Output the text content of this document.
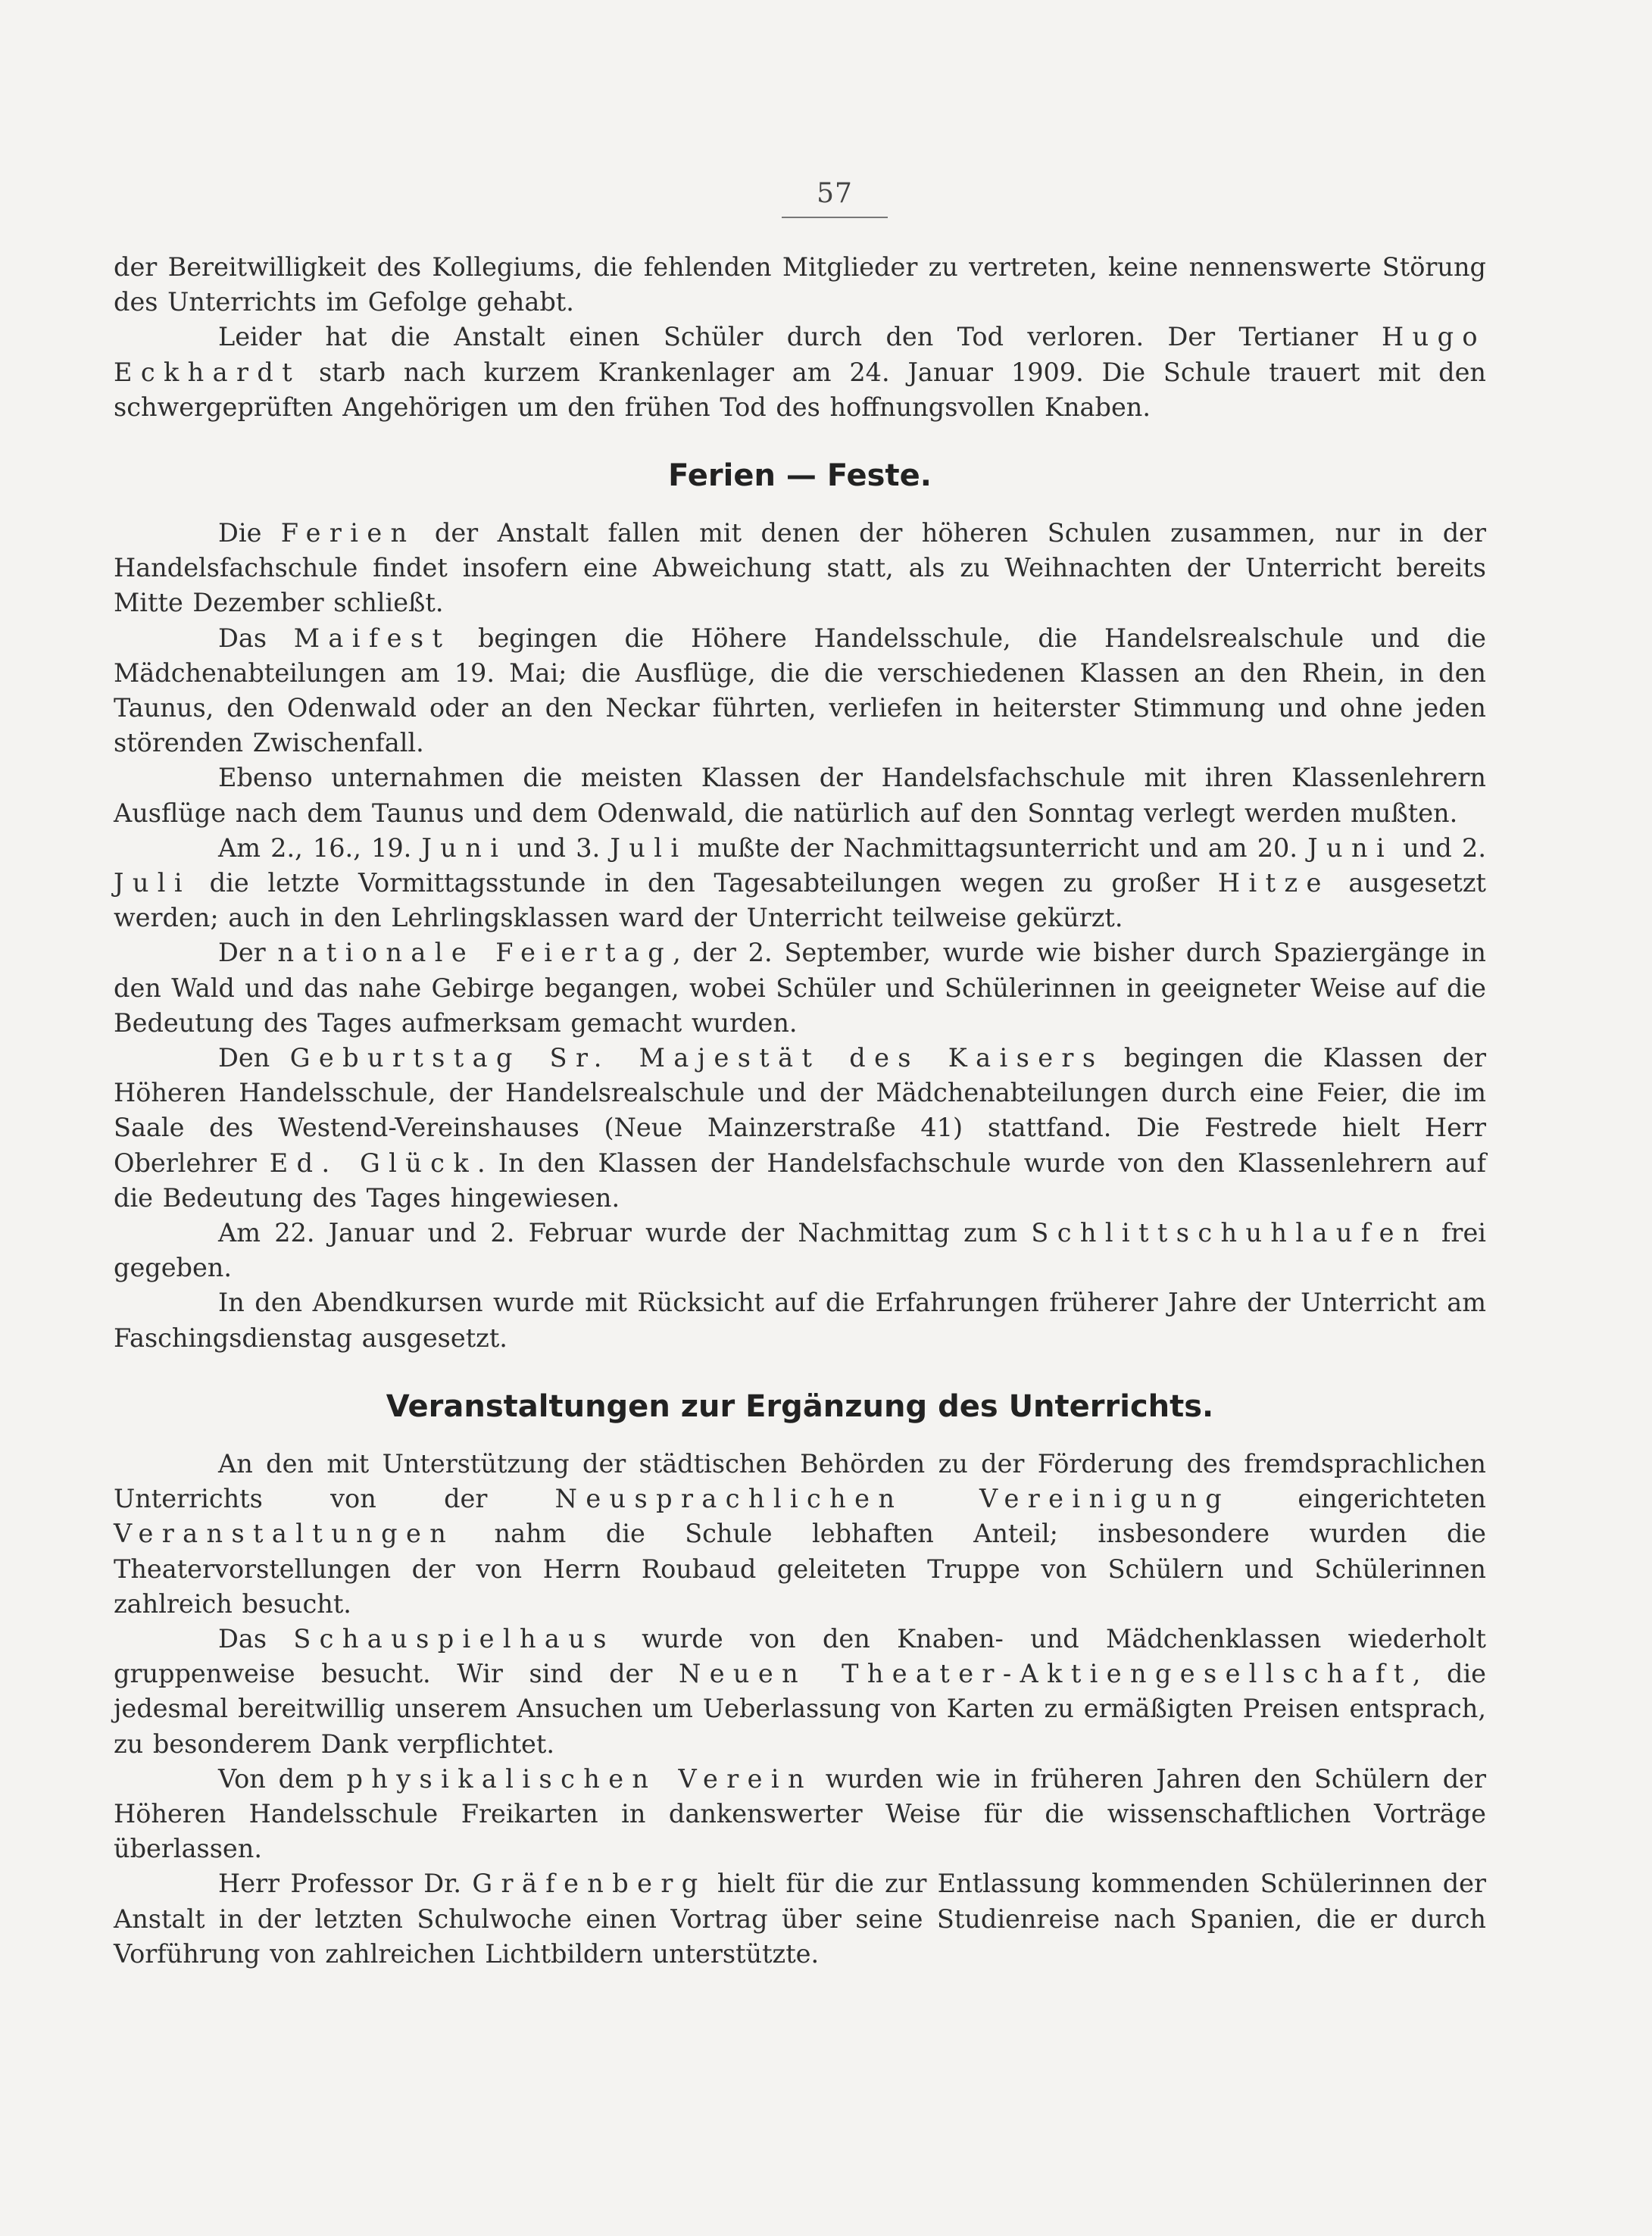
57

der Bereitwilligkeit des Kollegiums, die fehlenden Mitglieder zu vertreten, keine nennenswerte Störung des Unterrichts im Gefolge gehabt.

Leider hat die Anstalt einen Schüler durch den Tod verloren. Der Tertianer Hugo Eckhardt starb nach kurzem Krankenlager am 24. Januar 1909. Die Schule trauert mit den schwergeprüften Angehörigen um den frühen Tod des hoffnungsvollen Knaben.

Ferien — Feste.

Die Ferien der Anstalt fallen mit denen der höheren Schulen zusammen, nur in der Handelsfachschule findet insofern eine Abweichung statt, als zu Weihnachten der Unterricht bereits Mitte Dezember schließt.

Das Maifest begingen die Höhere Handelsschule, die Handelsrealschule und die Mädchenabteilungen am 19. Mai; die Ausflüge, die die verschiedenen Klassen an den Rhein, in den Taunus, den Odenwald oder an den Neckar führten, verliefen in heiterster Stimmung und ohne jeden störenden Zwischenfall.

Ebenso unternahmen die meisten Klassen der Handelsfachschule mit ihren Klassenlehrern Ausflüge nach dem Taunus und dem Odenwald, die natürlich auf den Sonntag verlegt werden mußten.

Am 2., 16., 19. Juni und 3. Juli mußte der Nachmittagsunterricht und am 20. Juni und 2. Juli die letzte Vormittagsstunde in den Tagesabteilungen wegen zu großer Hitze ausgesetzt werden; auch in den Lehrlingsklassen ward der Unterricht teilweise gekürzt.

Der nationale Feiertag, der 2. September, wurde wie bisher durch Spaziergänge in den Wald und das nahe Gebirge begangen, wobei Schüler und Schülerinnen in geeigneter Weise auf die Bedeutung des Tages aufmerksam gemacht wurden.

Den Geburtstag Sr. Majestät des Kaisers begingen die Klassen der Höheren Handelsschule, der Handelsrealschule und der Mädchenabteilungen durch eine Feier, die im Saale des Westend-Vereinshauses (Neue Mainzerstraße 41) stattfand. Die Festrede hielt Herr Oberlehrer Ed. Glück. In den Klassen der Handelsfachschule wurde von den Klassenlehrern auf die Bedeutung des Tages hingewiesen.

Am 22. Januar und 2. Februar wurde der Nachmittag zum Schlittschuhlaufen frei gegeben.

In den Abendkursen wurde mit Rücksicht auf die Erfahrungen früherer Jahre der Unterricht am Faschingsdienstag ausgesetzt.

Veranstaltungen zur Ergänzung des Unterrichts.

An den mit Unterstützung der städtischen Behörden zu der Förderung des fremdsprachlichen Unterrichts von der Neusprachlichen Vereinigung eingerichteten Veranstaltungen nahm die Schule lebhaften Anteil; insbesondere wurden die Theatervorstellungen der von Herrn Roubaud geleiteten Truppe von Schülern und Schülerinnen zahlreich besucht.

Das Schauspielhaus wurde von den Knaben- und Mädchenklassen wiederholt gruppenweise besucht. Wir sind der Neuen Theater-Aktiengesellschaft, die jedesmal bereitwillig unserem Ansuchen um Ueberlassung von Karten zu ermäßigten Preisen entsprach, zu besonderem Dank verpflichtet.

Von dem physikalischen Verein wurden wie in früheren Jahren den Schülern der Höheren Handelsschule Freikarten in dankenswerter Weise für die wissenschaftlichen Vorträge überlassen.

Herr Professor Dr. Gräfenberg hielt für die zur Entlassung kommenden Schülerinnen der Anstalt in der letzten Schulwoche einen Vortrag über seine Studienreise nach Spanien, die er durch Vorführung von zahlreichen Lichtbildern unterstützte.
